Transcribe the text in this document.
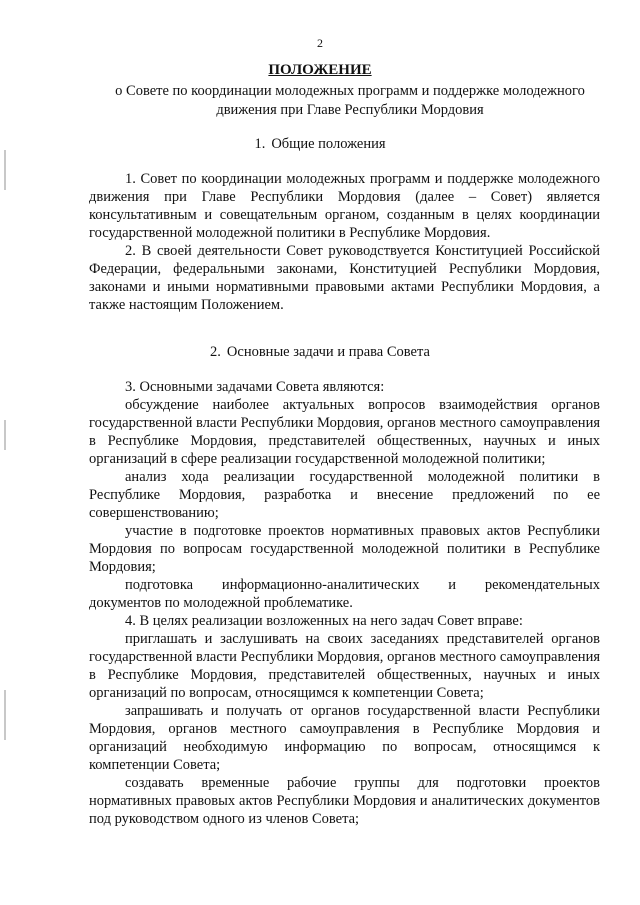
2
ПОЛОЖЕНИЕ
о Совете по координации молодежных программ и поддержке молодежного движения при Главе Республики Мордовия
1. Общие положения

1. Совет по координации молодежных программ и поддержке молодежного движения при Главе Республики Мордовия (далее – Совет) является консультативным и совещательным органом, созданным в целях координации государственной молодежной политики в Республике Мордовия.

2. В своей деятельности Совет руководствуется Конституцией Российской Федерации, федеральными законами, Конституцией Республики Мордовия, законами и иными нормативными правовыми актами Республики Мордовия, а также настоящим Положением.

2. Основные задачи и права Совета

3. Основными задачами Совета являются:

обсуждение наиболее актуальных вопросов взаимодействия органов государственной власти Республики Мордовия, органов местного самоуправления в Республике Мордовия, представителей общественных, научных и иных организаций в сфере реализации государственной молодежной политики;

анализ хода реализации государственной молодежной политики в Республике Мордовия, разработка и внесение предложений по ее совершенствованию;

участие в подготовке проектов нормативных правовых актов Республики Мордовия по вопросам государственной молодежной политики в Республике Мордовия;

подготовка информационно-аналитических и рекомендательных документов по молодежной проблематике.

4. В целях реализации возложенных на него задач Совет вправе:

приглашать и заслушивать на своих заседаниях представителей органов государственной власти Республики Мордовия, органов местного самоуправления в Республике Мордовия, представителей общественных, научных и иных организаций по вопросам, относящимся к компетенции Совета;

запрашивать и получать от органов государственной власти Республики Мордовия, органов местного самоуправления в Республике Мордовия и организаций необходимую информацию по вопросам, относящимся к компетенции Совета;

создавать временные рабочие группы для подготовки проектов нормативных правовых актов Республики Мордовия и аналитических документов под руководством одного из членов Совета;
